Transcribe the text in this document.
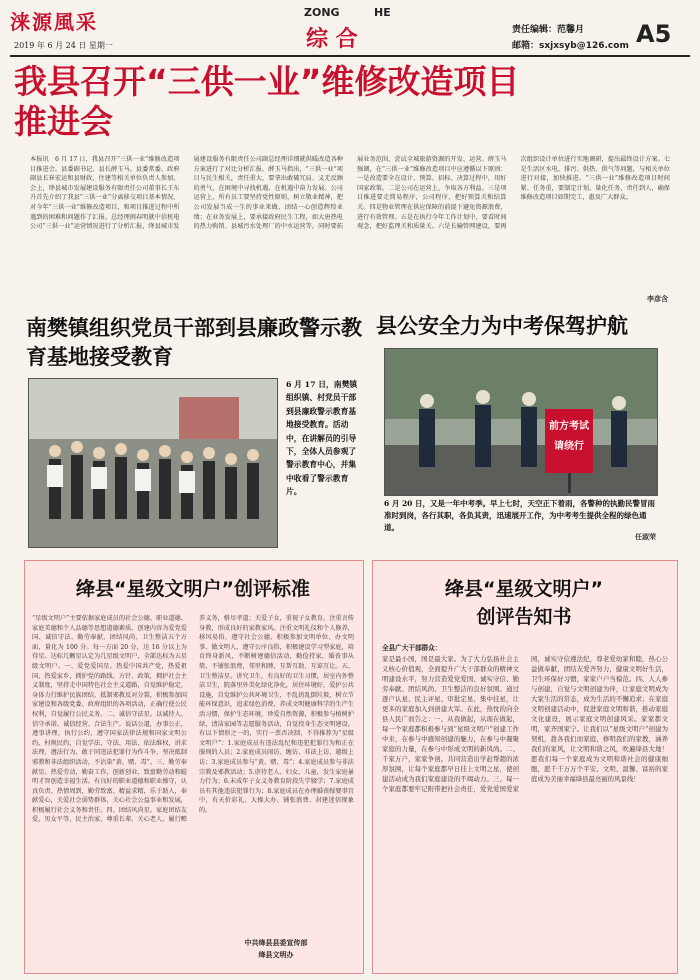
涞源風采
2019 年 6 月 24 日 星期一
ZONG	HE
综 合	责任编辑：范馨月
邮箱：sxjxsyb@126.com A5
我县召开“三供一业”维修改造项目推进会
本报讯　6 月 17 日，我县召开“三供一业”维修改造项目推进会。县委副书记、县长薛玉马、县委常委、政府副县长崔宏运和县财政、住建等相关单位负责人参加。会上，绛县城市发展建设服务有限责任公司董事长王东升首先介绍了我县“三供一业”分离移交项目基本情况，对今年“三供一业”维修改造项目，和项目推进过程中所遇到的困难和问题作了汇报。总经理闽春明就中信机电公司“三供一业”运营情况进行了分析汇报，绛县城市发展建设服务有限责任公司副总经理详细就供暖改造各种方案进行了对比分析汇报。薛玉马指出，“三供一业”项目与民生相关，责任重大，要拿出敢破冗肩、义无反顾的勇气，在困境中寻找机遇，在机遇中奋力发展。公司运营上，所有员工要坚持党性原则、树立敬业精神，把公司发展当成一生的事业来做，团结一心创造辉煌业绩；在业务发展上，要承接政府民生工程，如大唐热电的热力购销、县城污水处理厂的中水运营等，同时要拓展业务范围，尝试全城旅游资源的开发、运营。薛玉马强调，在“三供一业”维修改造项目中应遵循以下原则：一是改造要全在设计、预算、招标、决算过程中，用好国家政策。二是公司在运营上，争取各方利益。三是项目推进要走简易程序，公司程序，把好预算关和结算关。四是物业管理在供应保障的前提下避免资源浪费，进行有效管理。五是在执行今年工作计划中，要看时间观念，把好监理关和质量关。六是长输管网建设，要再次组织设计单位进行实地调研，提出最终设计方案。七是生活区水电、排污、供热、供气等问题，与相关单位进行对接，加快推进。“三供一业”维修改造项目时间紧、任务重，要制定计划，量化任务，责任到人，确保维修改造项目如期完工，惠及广大群众。
李彦含
南樊镇组织党员干部到县廉政警示教育基地接受教育
6 月 17 日，南樊镇组织镇、村党员干部到县廉政警示教育基地接受教育。活动中，在讲解员的引导下，全体人员参观了警示教育中心，并集中收看了警示教育片。
县公安全力为中考保驾护航
前方考试
请绕行
6 月 20 日，又是一年中考季。早上七时，天空正下着雨，各警种的执勤民警冒雨准时到岗，各行其职，各负其责，迅速展开工作，为中考考生提供全程的绿色通道。
任淑荣
绛县“星级文明户”创评标准
“星级文明户”主要依据家庭成员的社会公德、职业道德、家庭美德和个人品德等思想道德素质，创建内容为爱党爱国、诚信守法、勤劳奉献、团结风尚、卫生整洁五个方面，量化为 100 分。每一方面 20 分，达 16 分以上为得星。达标几颗星认定为几星级文明户，全部达标为五星级文明户。一、爱党爱国星。热爱中国共产党，热爱祖国，热爱家乡，拥护党的路线、方针、政策，拥护社会主义制度，坚持走中国特色社会主义道路，自觉维护稳定，身体力行维护民族团结，抵制邪教反对分裂，积极参加国家建设和各级党委、政府组织的各项活动，正确行使公民权利，自觉履行公民义务。二、诚信守法星。以诚待人、信守承诺、诚信经营、合法生产。说话公道，办事公正，遵事讲理，执行公约，遵守国家法律法规和国家文明公约、村规民约，自觉学法、守法、用法、依法维权，讲求法理，遵法行为，敢于同违法犯罪行为作斗争，坚决抵制邪教和非法组织活动，不沾染“黄、赌、毒”。三、勤劳奉献星。热爱劳动，勤奋工作，创新创业，致富勤劳动和聪明才智创造幸福生活。有良好的职业道德和职业操守，认真负责、热情周到，勤劳致富、精益求精，乐于助人，奉献爱心，关爱社会弱势群体，关心社会公益事业和发展，积极履行社会义务和责任。四、团结风尚星。家庭团结友爱，男女平等，民主治家，尊重长辈、关心老人，履行赡养义务，格尽孝道；关爱子女，重视子女教育，注重言传身教，形成良好的家教家风。注重文明礼仪和个人修养，移风易俗，遵守社会公德，积极参加文明单位、办文明事、做文明人、遵守公序良俗，积极建设学习型家庭，培育终身新风，不断树建德信活动，勤俭持家，婚丧事从简，不铺张浪费，邻里和睦、互帮互助、互谅互让。五、卫生整洁星。讲究卫生，有良好的卫生习惯，居室内外整洁卫生，院落里外美化绿化净化，居住环境好，爱护公共设施，自觉维护公共环境卫生，不乱扔乱倒垃圾，树立节能环保意识，追求绿色消费，养成文明健康科学的生产生活习惯，保护生态环境，珍爱自然资源，积极参与植树护绿，清洁家园等志愿服务活动，自觉投身生态文明建设。有以下情形之一的，实行一票否决制，不得推荐为“星级文明户”：1.家庭成员有违法乱纪和违犯犯罪行为和正在服刑的人员；2.家庭成员闹访、缠访、非法上访、越级上访；3.家庭成员参与“黄、赌、毒”；4.家庭成员参与非法宗教及邪教活动；5.虐待老人、妇女、儿童，发生家庭暴力行为；6.未成年子女义务教育阶段失学辍学；7.家庭成员有其他违法犯罪行为；8.家庭成员在办理婚丧嫁娶事宜中，有天价彩礼、大操大办、铺张浪费、封建迷信现象的。
中共绛县县委宣传部
绛县文明办
绛县“星级文明户”
创评告知书
全县广大干部群众：
家是最小国，国是最大家。为了大力弘扬社会主义核心价值观，全面提升广大干部群众的精神文明建设水平，努力营造爱党爱国、诚实守信、勤劳奉献、团结风尚、卫生整洁的良好氛围。通过逐户认星、民主评星、审批定星、集中挂星，让更多的家庭加入到创建大军。在此，热忱的向全县人民广而告之：一、从我做起，从现在做起，每一个家庭都积极参与到“星级文明户”创建工作中来，在参与中感知创建的魅力，在参与中凝聚家庭的力量，在参与中形成文明的新风尚。二、千家万户，家家争创。共同营造出学赶帮超的浓厚氛围，让每个家庭都早日挂上文明之星，使创建活动成为我们家庭建设的不竭动力。三、每一个家庭都要牢记附带把社会责任，爱党爱国爱家园，诚实守信遵法纪，尊老爱幼家和睦，热心公益做奉献，团结友爱齐努力，健康文明好生活，卫生环保好习惯，家家户户当模范。四、人人参与创建，自觉与文明创建为伴，让家庭文明成为大家生活的常态，成为生活的不懈追求；在家庭文明创建活动中，促进家庭文明和谐，推动家庭文化建设，展示家庭文明创建风采。家家都文明，家齐国家宁。让我们以“星级文明户”创建为契机，趁各我们而家庭，修明我们的家教，涵养我们的家风，让文明和谐之风，吹遍绛县大地！愿我们每一个家庭成为文明和谐社会的健康细胞，愿千千万万个平安、文明、温馨、富裕的家庭成为美丽幸福绛县最亮丽的风景线！
